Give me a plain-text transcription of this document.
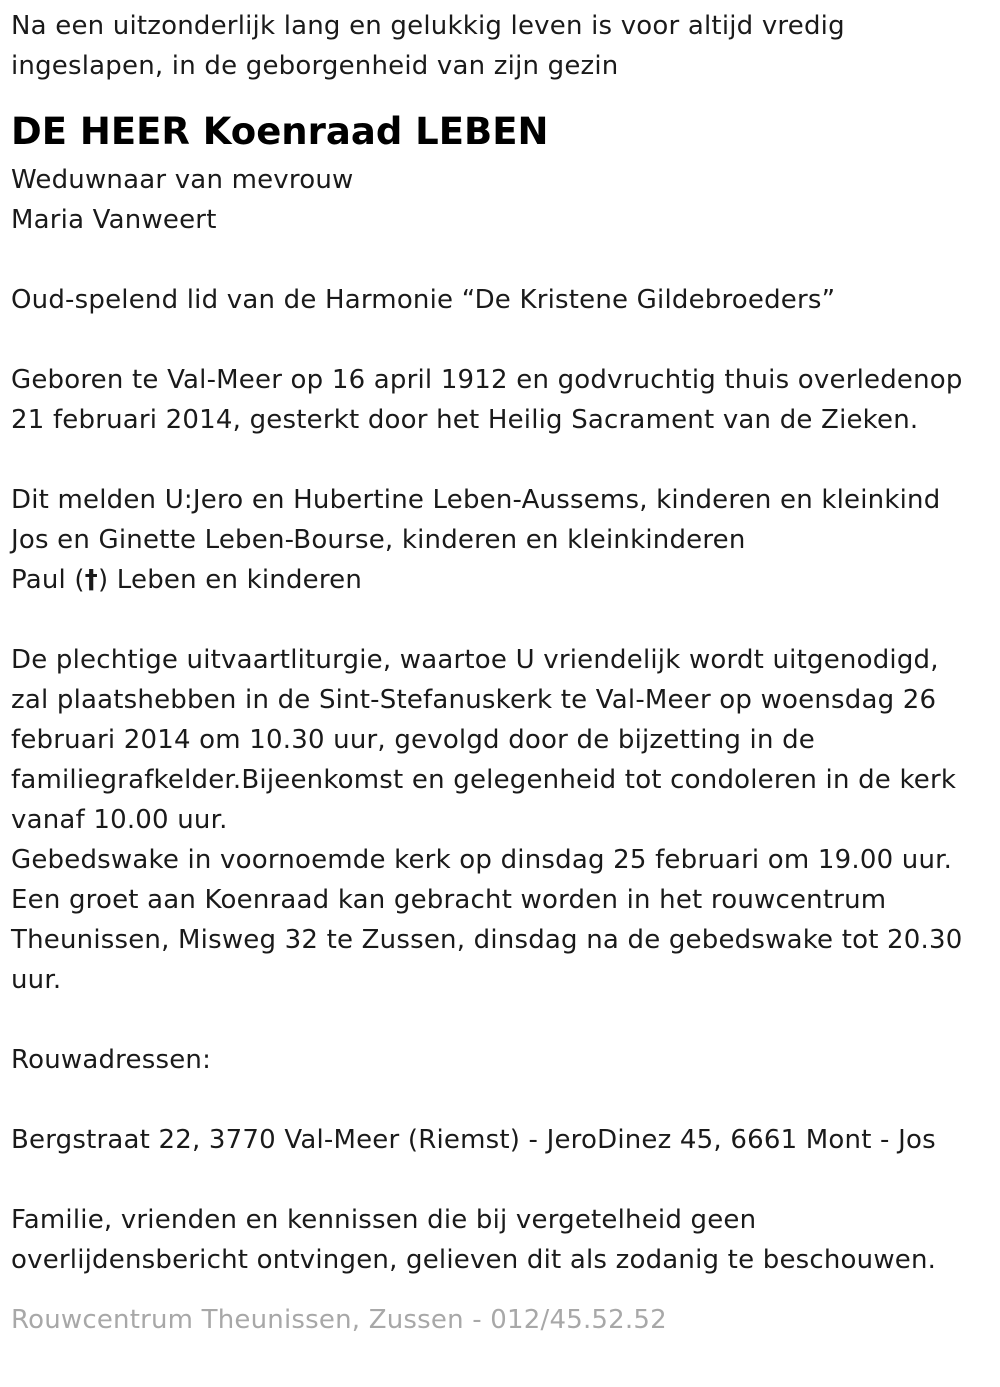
Na een uitzonderlijk lang en gelukkig leven is voor altijd vredig
ingeslapen, in de geborgenheid van zijn gezin
DE HEER Koenraad LEBEN
Weduwnaar van mevrouw
Maria Vanweert
Oud-spelend lid van de Harmonie “De Kristene Gildebroeders”
Geboren te Val-Meer op 16 april 1912 en godvruchtig thuis overledenop
21 februari 2014, gesterkt door het Heilig Sacrament van de Zieken.
Dit melden U:Jero en Hubertine Leben-Aussems, kinderen en kleinkind
Jos en Ginette Leben-Bourse, kinderen en kleinkinderen
Paul (†) Leben en kinderen
De plechtige uitvaartliturgie, waartoe U vriendelijk wordt uitgenodigd,
zal plaatshebben in de Sint-Stefanuskerk te Val-Meer op woensdag 26
februari 2014 om 10.30 uur, gevolgd door de bijzetting in de
familiegrafkelder.Bijeenkomst en gelegenheid tot condoleren in de kerk
vanaf 10.00 uur.
Gebedswake in voornoemde kerk op dinsdag 25 februari om 19.00 uur.
Een groet aan Koenraad kan gebracht worden in het rouwcentrum
Theunissen, Misweg 32 te Zussen, dinsdag na de gebedswake tot 20.30
uur.
Rouwadressen:
Bergstraat 22, 3770 Val-Meer (Riemst) - JeroDinez 45, 6661 Mont - Jos
Familie, vrienden en kennissen die bij vergetelheid geen
overlijdensbericht ontvingen, gelieven dit als zodanig te beschouwen.
Rouwcentrum Theunissen, Zussen - 012/45.52.52
